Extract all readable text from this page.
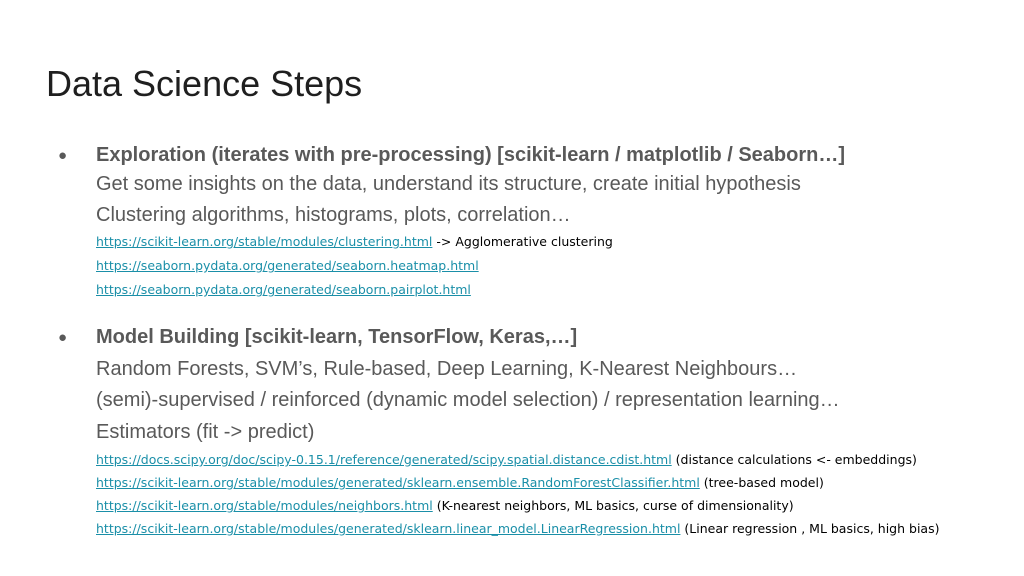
Data Science Steps
● Exploration (iterates with pre-processing) [scikit-learn / matplotlib / Seaborn…]
Get some insights on the data, understand its structure, create initial hypothesis
Clustering algorithms, histograms, plots, correlation…
https://scikit-learn.org/stable/modules/clustering.html -> Agglomerative clustering
https://seaborn.pydata.org/generated/seaborn.heatmap.html
https://seaborn.pydata.org/generated/seaborn.pairplot.html
● Model Building [scikit-learn, TensorFlow, Keras,…]
Random Forests, SVM’s, Rule-based, Deep Learning, K-Nearest Neighbours…
(semi)-supervised / reinforced (dynamic model selection) / representation learning…
Estimators (fit -> predict)
https://docs.scipy.org/doc/scipy-0.15.1/reference/generated/scipy.spatial.distance.cdist.html (distance calculations <- embeddings)
https://scikit-learn.org/stable/modules/generated/sklearn.ensemble.RandomForestClassifier.html (tree-based model)
https://scikit-learn.org/stable/modules/neighbors.html (K-nearest neighbors, ML basics, curse of dimensionality)
https://scikit-learn.org/stable/modules/generated/sklearn.linear_model.LinearRegression.html (Linear regression , ML basics, high bias)
